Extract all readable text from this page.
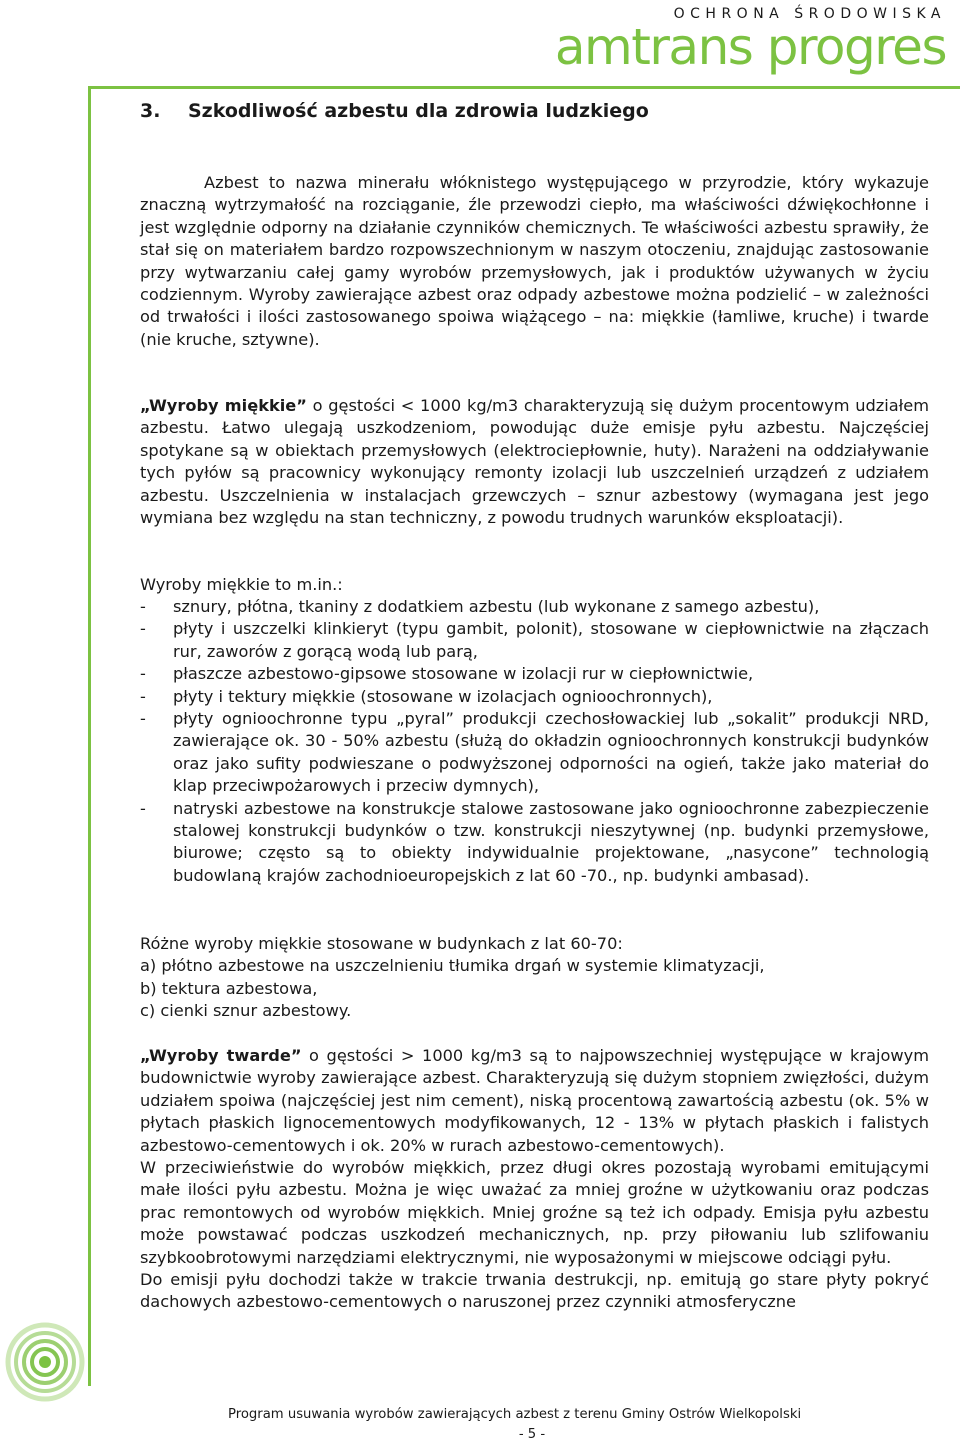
OCHRONA ŚRODOWISKA
amtrans progres
3. Szkodliwość azbestu dla zdrowia ludzkiego

Azbest to nazwa minerału włóknistego występującego w przyrodzie, który wykazuje znaczną wytrzymałość na rozciąganie, źle przewodzi ciepło, ma właściwości dźwiękochłonne i jest względnie odporny na działanie czynników chemicznych. Te właściwości azbestu sprawiły, że stał się on materiałem bardzo rozpowszechnionym w naszym otoczeniu, znajdując zastosowanie przy wytwarzaniu całej gamy wyrobów przemysłowych, jak i produktów używanych w życiu codziennym. Wyroby zawierające azbest oraz odpady azbestowe można podzielić – w zależności od trwałości i ilości zastosowanego spoiwa wiążącego – na: miękkie (łamliwe, kruche) i twarde (nie kruche, sztywne).

„Wyroby miękkie” o gęstości < 1000 kg/m3 charakteryzują się dużym procentowym udziałem azbestu. Łatwo ulegają uszkodzeniom, powodując duże emisje pyłu azbestu. Najczęściej spotykane są w obiektach przemysłowych (elektrociepłownie, huty). Narażeni na oddziaływanie tych pyłów są pracownicy wykonujący remonty izolacji lub uszczelnień urządzeń z udziałem azbestu. Uszczelnienia w instalacjach grzewczych – sznur azbestowy (wymagana jest jego wymiana bez względu na stan techniczny, z powodu trudnych warunków eksploatacji).

Wyroby miękkie to m.in.:

- sznury, płótna, tkaniny z dodatkiem azbestu (lub wykonane z samego azbestu),
- płyty i uszczelki klinkieryt (typu gambit, polonit), stosowane w ciepłownictwie na złączach rur, zaworów z gorącą wodą lub parą,
- płaszcze azbestowo-gipsowe stosowane w izolacji rur w ciepłownictwie,
- płyty i tektury miękkie (stosowane w izolacjach ognioochronnych),
- płyty ognioochronne typu „pyral” produkcji czechosłowackiej lub „sokalit” produkcji NRD, zawierające ok. 30 - 50% azbestu (służą do okładzin ognioochronnych konstrukcji budynków oraz jako sufity podwieszane o podwyższonej odporności na ogień, także jako materiał do klap przeciwpożarowych i przeciw dymnych),
- natryski azbestowe na konstrukcje stalowe zastosowane jako ognioochronne zabezpieczenie stalowej konstrukcji budynków o tzw. konstrukcji nieszytywnej (np. budynki przemysłowe, biurowe; często są to obiekty indywidualnie projektowane, „nasycone” technologią budowlaną krajów zachodnioeuropejskich z lat 60 -70., np. budynki ambasad).
Różne wyroby miękkie stosowane w budynkach z lat 60-70:
a) płótno azbestowe na uszczelnieniu tłumika drgań w systemie klimatyzacji,
b) tektura azbestowa,
c) cienki sznur azbestowy.

„Wyroby twarde” o gęstości > 1000 kg/m3 są to najpowszechniej występujące w krajowym budownictwie wyroby zawierające azbest. Charakteryzują się dużym stopniem zwięzłości, dużym udziałem spoiwa (najczęściej jest nim cement), niską procentową zawartością azbestu (ok. 5% w płytach płaskich lignocementowych modyfikowanych, 12 - 13% w płytach płaskich i falistych azbestowo-cementowych i ok. 20% w rurach azbestowo-cementowych).

W przeciwieństwie do wyrobów miękkich, przez długi okres pozostają wyrobami emitującymi małe ilości pyłu azbestu. Można je więc uważać za mniej groźne w użytkowaniu oraz podczas prac remontowych od wyrobów miękkich. Mniej groźne są też ich odpady. Emisja pyłu azbestu może powstawać podczas uszkodzeń mechanicznych, np. przy piłowaniu lub szlifowaniu szybkoobrotowymi narzędziami elektrycznymi, nie wyposażonymi w miejscowe odciągi pyłu.

Do emisji pyłu dochodzi także w trakcie trwania destrukcji, np. emitują go stare płyty pokryć dachowych azbestowo-cementowych o naruszonej przez czynniki atmosferyczne

Program usuwania wyrobów zawierających azbest z terenu Gminy Ostrów Wielkopolski
- 5 -
